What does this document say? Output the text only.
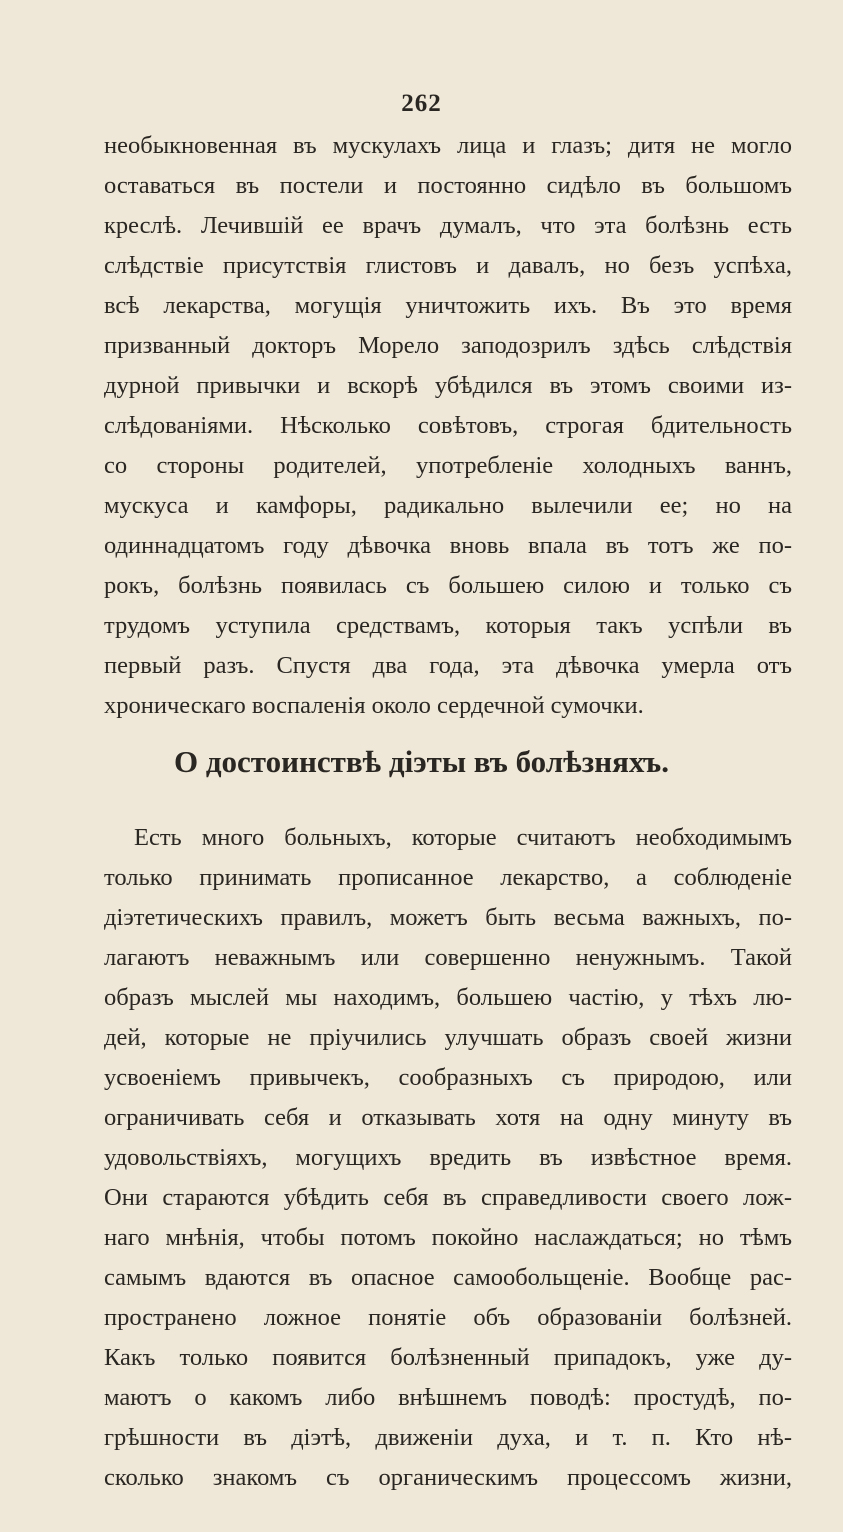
262
необыкновенная въ мускулахъ лица и глазъ; дитя не могло
оставаться въ постели и постоянно сидѣло въ большомъ
креслѣ. Лечившій ее врачъ думалъ, что эта болѣзнь есть
слѣдствіе присутствія глистовъ и давалъ, но безъ успѣха,
всѣ лекарства, могущія уничтожить ихъ. Въ это время
призванный докторъ Морело заподозрилъ здѣсь слѣдствія
дурной привычки и вскорѣ убѣдился въ этомъ своими из-
слѣдованіями. Нѣсколько совѣтовъ, строгая бдительность
со стороны родителей, употребленіе холодныхъ ваннъ,
мускуса и камфоры, радикально вылечили ее; но на
одиннадцатомъ году дѣвочка вновь впала въ тотъ же по-
рокъ, болѣзнь появилась съ большею силою и только съ
трудомъ уступила средствамъ, которыя такъ успѣли въ
первый разъ. Спустя два года, эта дѣвочка умерла отъ
хроническаго воспаленія около сердечной сумочки.
О достоинствѣ діэты въ болѣзняхъ.
Есть много больныхъ, которые считаютъ необходимымъ
только принимать прописанное лекарство, а соблюденіе
діэтетическихъ правилъ, можетъ быть весьма важныхъ, по-
лагаютъ неважнымъ или совершенно ненужнымъ. Такой
образъ мыслей мы находимъ, большею частію, у тѣхъ лю-
дей, которые не пріучились улучшать образъ своей жизни
усвоеніемъ привычекъ, сообразныхъ съ природою, или
ограничивать себя и отказывать хотя на одну минуту въ
удовольствіяхъ, могущихъ вредить въ извѣстное время.
Они стараются убѣдить себя въ справедливости своего лож-
наго мнѣнія, чтобы потомъ покойно наслаждаться; но тѣмъ
самымъ вдаются въ опасное самообольщеніе. Вообще рас-
пространено ложное понятіе объ образованіи болѣзней.
Какъ только появится болѣзненный припадокъ, уже ду-
маютъ о какомъ либо внѣшнемъ поводѣ: простудѣ, по-
грѣшности въ діэтѣ, движеніи духа, и т. п. Кто нѣ-
сколько знакомъ съ органическимъ процессомъ жизни,
